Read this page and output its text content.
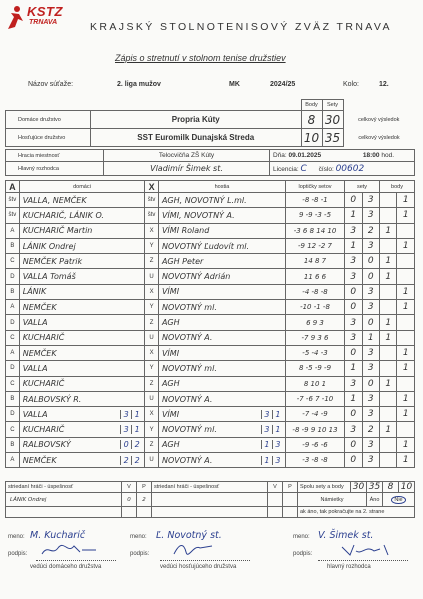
KSTZ
TRNAVA	KRAJSKÝ STOLNOTENISOVÝ ZVÄZ TRNAVA
Zápis o stretnutí v stolnom tenise družstiev
Názov súťaže:	2. liga mužov	MK	2024/25	Kolo:	12.
		Body	Sety	
Domáce družstvo	Propria Kúty	8	30	celkový výsledok
Hosťujúce družstvo	SST Euromilk Dunajská Streda	10	35	celkový výsledok
Hracia miestnosť	Telocvičňa ZŠ Kúty	Dňa: 09.01.2025 18:00 hod.
Hlavný rozhodca	Vladimír Šimek st.	Licencia: C číslo: 00602
A	domáci	X	hostia	loptičky setov	sety		body	
štv	VALLA, NEMČEK	štv	AGH, NOVOTNÝ L.ml.	-8 -8 -1	0	3		1
štv	KUCHARIČ, LÁNIK O.	štv	VÍMI, NOVOTNÝ A.	9 -9 -3 -5	1	3		1
A	KUCHARIČ Martin	X	VÍMI Roland	-3 6 8 14 10	3	2	1	
B	LÁNIK Ondrej	Y	NOVOTNÝ Ľudovít ml.	-9 12 -2 7	1	3		1
C	NEMČEK Patrik	Z	AGH Peter	14 8 7	3	0	1	
D	VALLA Tomáš	U	NOVOTNÝ Adrián	11 6 6	3	0	1	
B	LÁNIK	X	VÍMI	-4 -8 -8	0	3		1
A	NEMČEK	Y	NOVOTNÝ ml.	-10 -1 -8	0	3		1
D	VALLA	Z	AGH	6 9 3	3	0	1	
C	KUCHARIČ	U	NOVOTNÝ A.	-7 9 3 6	3	1	1	
A	NEMČEK	X	VÍMI	-5 -4 -3	0	3		1
D	VALLA	Y	NOVOTNÝ ml.	8 -5 -9 -9	1	3		1
C	KUCHARIČ	Z	AGH	8 10 1	3	0	1	
B	RALBOVSKÝ R.	U	NOVOTNÝ A.	-7 -6 7 -10	1	3		1
D	VALLA 3 1	X	VÍMI 3 1	-7 -4 -9	0	3		1
C	KUCHARIČ 3 1	Y	NOVOTNÝ ml. 3 1	-8 -9 9 10 13	3	2	1	
B	RALBOVSKÝ 0 2	Z	AGH 1 3	-9 -6 -6	0	3		1
A	NEMČEK 2 2	U	NOVOTNÝ A. 1 3	-3 -8 -8	0	3		1
striedaní hráči - úspešnosť	V	P	striedaní hráči - úspešnosť	V	P	Spolu sety a body	30	35	8	10
LÁNIK Ondrej	0	2				Námietky		Áno	Nie	
						ak áno, tak pokračujte na 2. strane				
meno: M. Kucharič	meno: Ľ. Novotný st.	meno: V. Šimek st.
podpis:	podpis:	podpis:
vedúci domáceho družstva	vedúci hosťujúceho družstva	hlavný rozhodca
